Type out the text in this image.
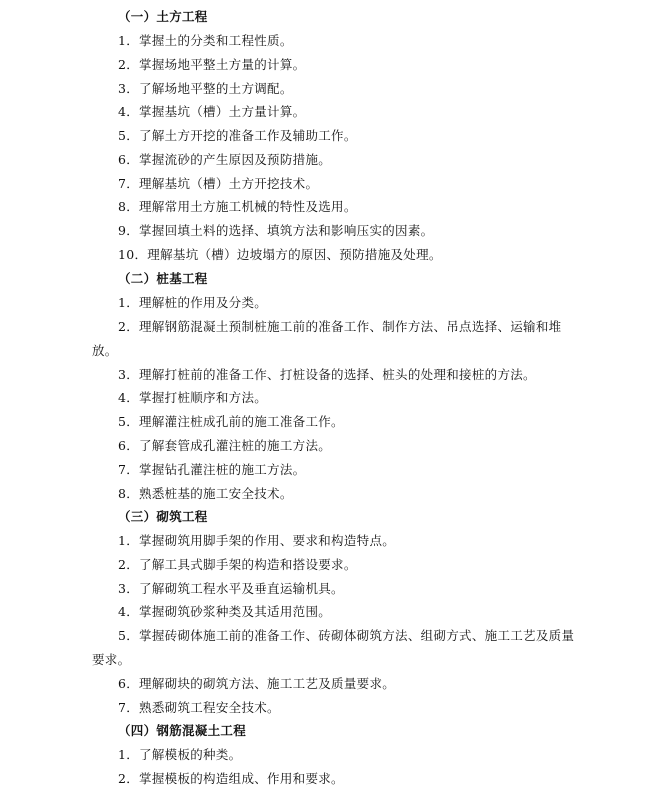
（一）土方工程
1．掌握土的分类和工程性质。
2．掌握场地平整土方量的计算。
3．了解场地平整的土方调配。
4．掌握基坑（槽）土方量计算。
5．了解土方开挖的准备工作及辅助工作。
6．掌握流砂的产生原因及预防措施。
7．理解基坑（槽）土方开挖技术。
8．理解常用土方施工机械的特性及选用。
9．掌握回填土料的选择、填筑方法和影响压实的因素。
10．理解基坑（槽）边坡塌方的原因、预防措施及处理。
（二）桩基工程
1．理解桩的作用及分类。
2．理解钢筋混凝土预制桩施工前的准备工作、制作方法、吊点选择、运输和堆
放。
3．理解打桩前的准备工作、打桩设备的选择、桩头的处理和接桩的方法。
4．掌握打桩顺序和方法。
5．理解灌注桩成孔前的施工准备工作。
6．了解套管成孔灌注桩的施工方法。
7．掌握钻孔灌注桩的施工方法。
8．熟悉桩基的施工安全技术。
（三）砌筑工程
1．掌握砌筑用脚手架的作用、要求和构造特点。
2．了解工具式脚手架的构造和搭设要求。
3．了解砌筑工程水平及垂直运输机具。
4．掌握砌筑砂浆种类及其适用范围。
5．掌握砖砌体施工前的准备工作、砖砌体砌筑方法、组砌方式、施工工艺及质量
要求。
6．理解砌块的砌筑方法、施工工艺及质量要求。
7．熟悉砌筑工程安全技术。
（四）钢筋混凝土工程
1．了解模板的种类。
2．掌握模板的构造组成、作用和要求。
